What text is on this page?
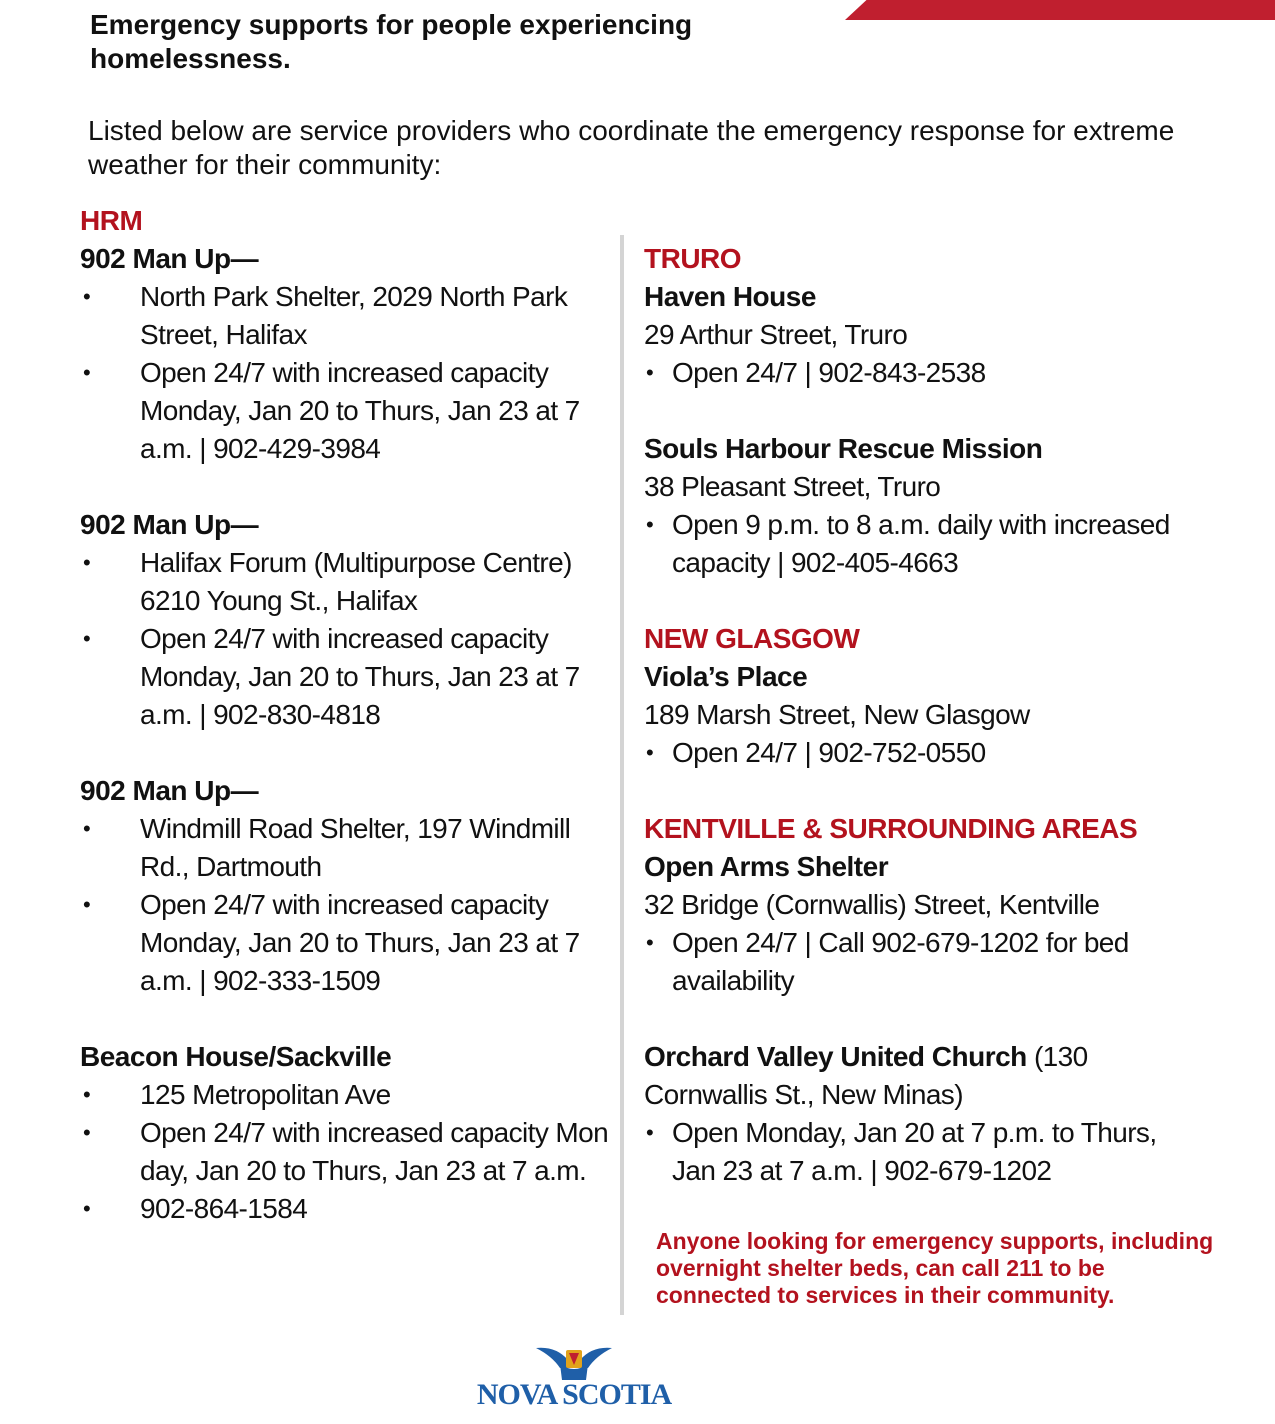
Emergency supports for people experiencing homelessness.
Listed below are service providers who coordinate the emergency response for extreme weather for their community:
HRM
902 Man Up—
• North Park Shelter, 2029 North Park Street, Halifax
• Open 24/7 with increased capacity Monday, Jan 20 to Thurs, Jan 23 at 7 a.m. | 902-429-3984
902 Man Up—
• Halifax Forum (Multipurpose Centre) 6210 Young St., Halifax
• Open 24/7 with increased capacity Monday, Jan 20 to Thurs, Jan 23 at 7 a.m. | 902-830-4818
902 Man Up—
• Windmill Road Shelter, 197 Windmill Rd., Dartmouth
• Open 24/7 with increased capacity Monday, Jan 20 to Thurs, Jan 23 at 7 a.m. | 902-333-1509
Beacon House/Sackville
• 125 Metropolitan Ave
• Open 24/7 with increased capacity Mon day, Jan 20 to Thurs, Jan 23 at 7 a.m.
• 902-864-1584
TRURO
Haven House
29 Arthur Street, Truro
• Open 24/7 | 902-843-2538
Souls Harbour Rescue Mission
38 Pleasant Street, Truro
• Open 9 p.m. to 8 a.m. daily with increased capacity | 902-405-4663
NEW GLASGOW
Viola’s Place
189 Marsh Street, New Glasgow
• Open 24/7 | 902-752-0550
KENTVILLE & SURROUNDING AREAS
Open Arms Shelter
32 Bridge (Cornwallis) Street, Kentville
• Open 24/7 | Call 902-679-1202 for bed availability
Orchard Valley United Church (130 Cornwallis St., New Minas)
• Open Monday, Jan 20 at 7 p.m. to Thurs, Jan 23 at 7 a.m. | 902-679-1202
Anyone looking for emergency supports, including overnight shelter beds, can call 211 to be connected to services in their community.
NOVA SCOTIA
